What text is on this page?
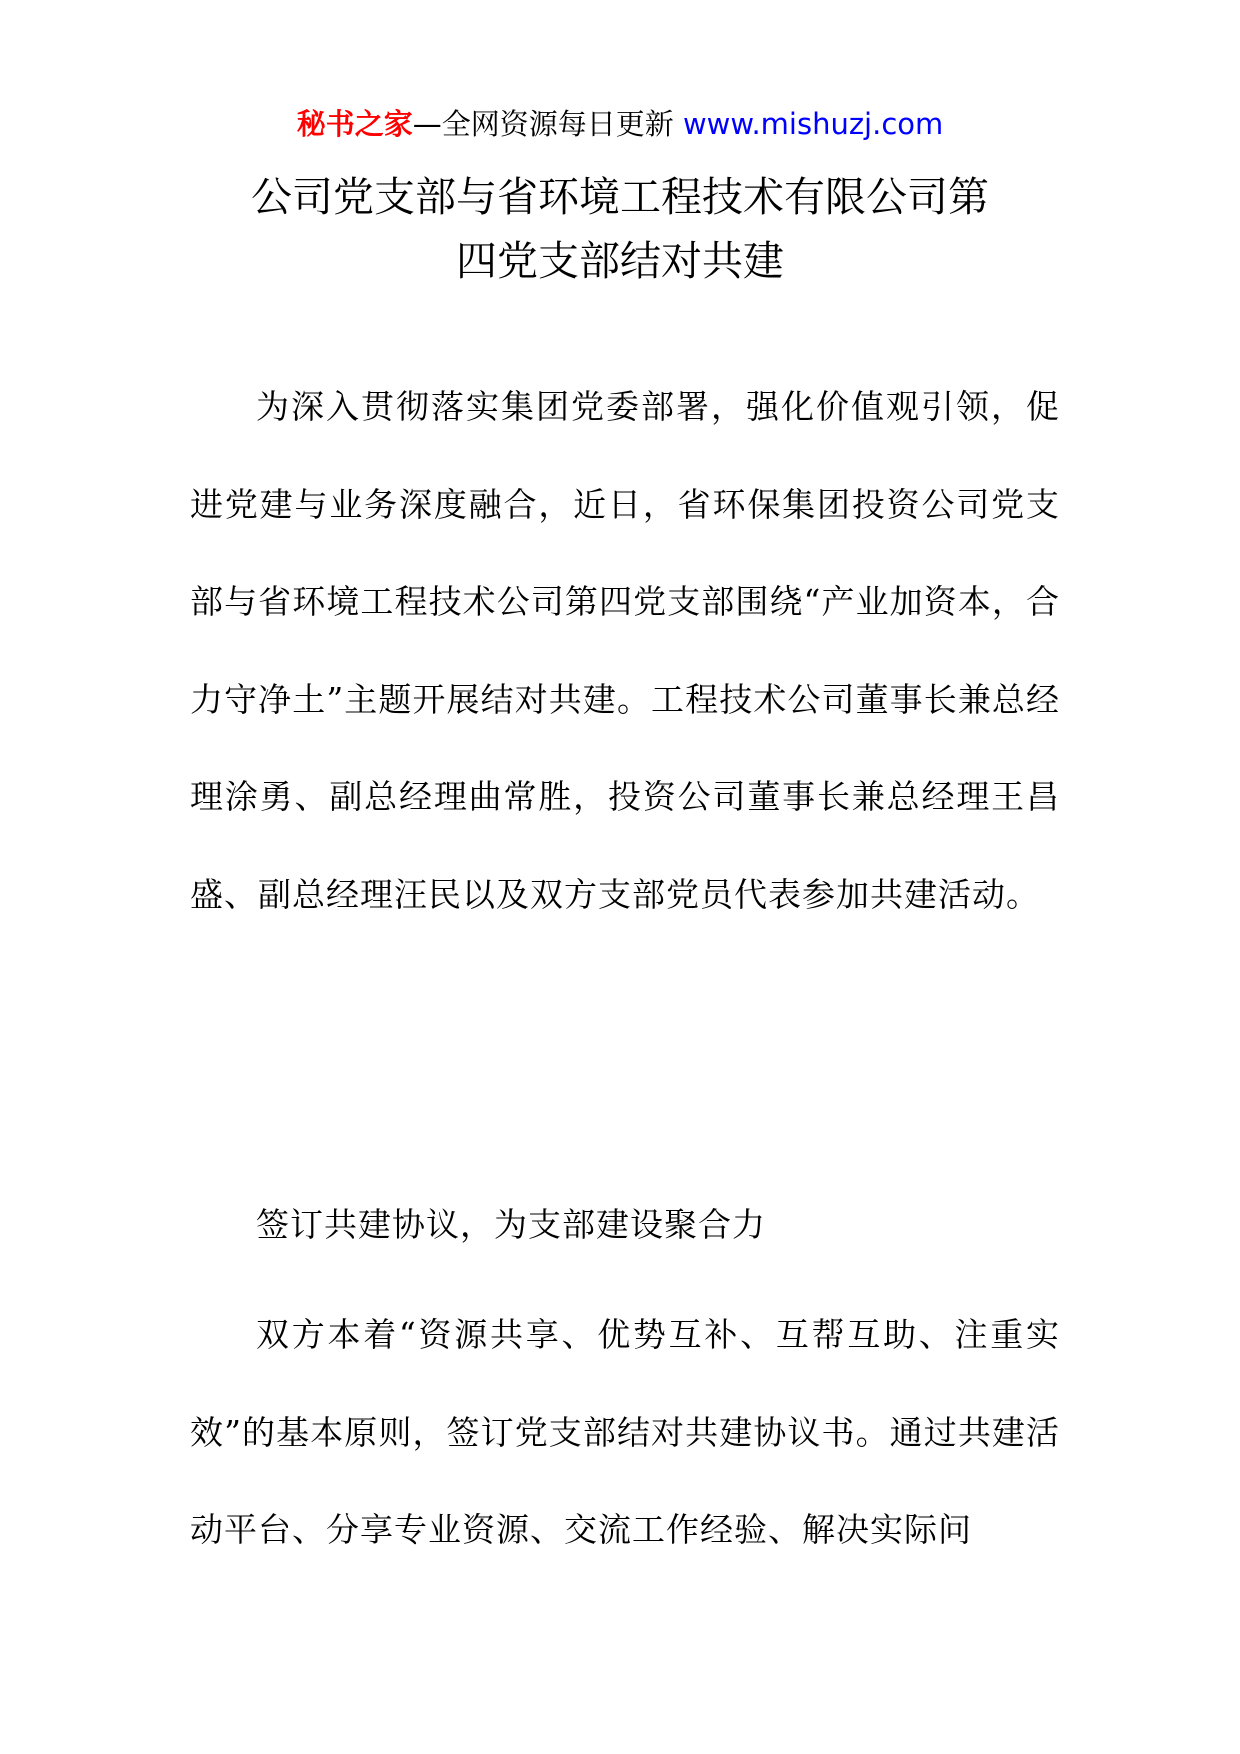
秘书之家—全网资源每日更新 www.mishuzj.com
公司党支部与省环境工程技术有限公司第
四党支部结对共建

为深入贯彻落实集团党委部署，强化价值观引领，促进党建与业务深度融合，近日，省环保集团投资公司党支部与省环境工程技术公司第四党支部围绕“产业加资本，合力守净土”主题开展结对共建。工程技术公司董事长兼总经理涂勇、副总经理曲常胜，投资公司董事长兼总经理王昌盛、副总经理汪民以及双方支部党员代表参加共建活动。

签订共建协议，为支部建设聚合力

双方本着“资源共享、优势互补、互帮互助、注重实效”的基本原则，签订党支部结对共建协议书。通过共建活动平台、分享专业资源、交流工作经验、解决实际问
